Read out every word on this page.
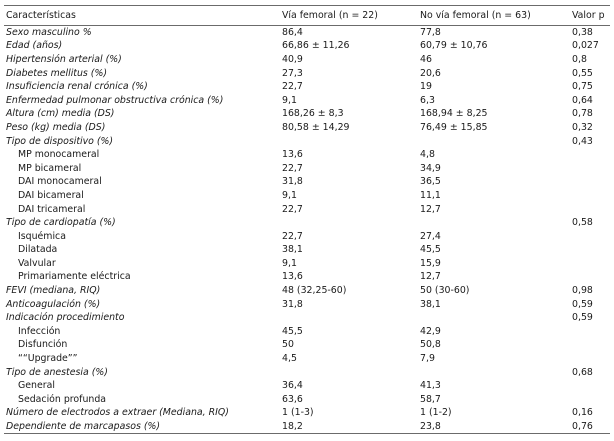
Características	Vía femoral (n = 22)	No vía femoral (n = 63)	Valor p
Sexo masculino %	86,4	77,8	0,38
Edad (años)	66,86 ± 11,26	60,79 ± 10,76	0,027
Hipertensión arterial (%)	40,9	46	0,8
Diabetes mellitus (%)	27,3	20,6	0,55
Insuficiencia renal crónica (%)	22,7	19	0,75
Enfermedad pulmonar obstructiva crónica (%)	9,1	6,3	0,64
Altura (cm) media (DS)	168,26 ± 8,3	168,94 ± 8,25	0,78
Peso (kg) media (DS)	80,58 ± 14,29	76,49 ± 15,85	0,32
Tipo de dispositivo (%)			0,43
MP monocameral	13,6	4,8	
MP bicameral	22,7	34,9	
DAI monocameral	31,8	36,5	
DAI bicameral	9,1	11,1	
DAI tricameral	22,7	12,7	
Tipo de cardiopatía (%)			0,58
Isquémica	22,7	27,4	
Dilatada	38,1	45,5	
Valvular	9,1	15,9	
Primariamente eléctrica	13,6	12,7	
FEVI (mediana, RIQ)	48 (32,25-60)	50 (30-60)	0,98
Anticoagulación (%)	31,8	38,1	0,59
Indicación procedimiento			0,59
Infección	45,5	42,9	
Disfunción	50	50,8	
““Upgrade””	4,5	7,9	
Tipo de anestesia (%)			0,68
General	36,4	41,3	
Sedación profunda	63,6	58,7	
Número de electrodos a extraer (Mediana, RIQ)	1 (1-3)	1 (1-2)	0,16
Dependiente de marcapasos (%)	18,2	23,8	0,76
